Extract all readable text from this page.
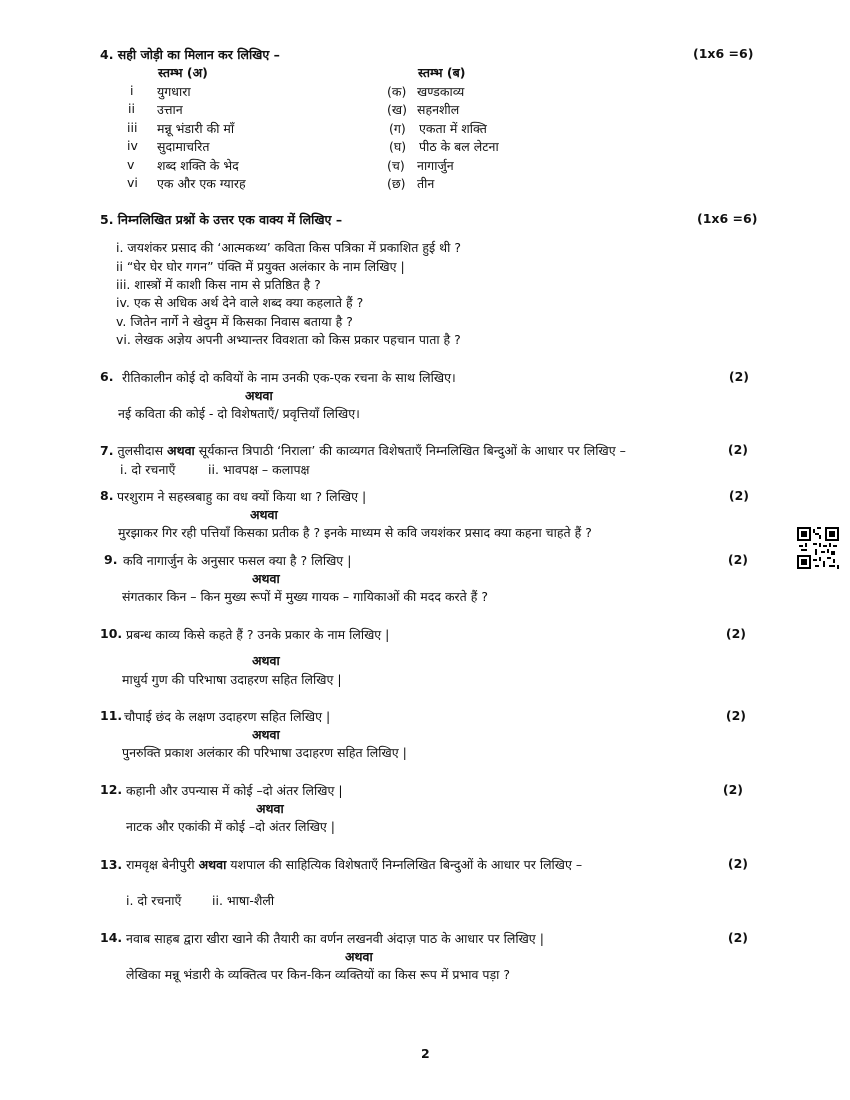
4. सही जोड़ी का मिलान कर लिखिए –	(1x6 =6)
स्तम्भ (अ)	स्तम्भ (ब)
i युगधारा	(क) खण्डकाव्य
ii उत्तान	(ख) सहनशील
iii मन्नू भंडारी की माँ	(ग) एकता में शक्ति
iv सुदामाचरित	(घ) पीठ के बल लेटना
v शब्द शक्ति के भेद	(च) नागार्जुन
vi एक और एक ग्यारह	(छ) तीन
5. निम्नलिखित प्रश्नों के उत्तर एक वाक्य में लिखिए –	(1x6 =6)
i. जयशंकर प्रसाद की ‘आत्मकथ्य’ कविता किस पत्रिका में प्रकाशित हुई थी ?
ii “घेर घेर घोर गगन” पंक्ति में प्रयुक्त अलंकार के नाम लिखिए |
iii. शास्त्रों में काशी किस नाम से प्रतिष्ठित है ?
iv. एक से अधिक अर्थ देने वाले शब्द क्या कहलाते हैं ?
v. जितेन नार्गे ने खेदुम में किसका निवास बताया है ?
vi. लेखक अज्ञेय अपनी अभ्यान्तर विवशता को किस प्रकार पहचान पाता है ?
6. रीतिकालीन कोई दो कवियों के नाम उनकी एक-एक रचना के साथ लिखिए।	(2)
अथवा
नई कविता की कोई - दो विशेषताएँ/ प्रवृत्तियाँ लिखिए।
7. तुलसीदास अथवा सूर्यकान्त त्रिपाठी ‘निराला’ की काव्यगत विशेषताएँ निम्नलिखित बिन्दुओं के आधार पर लिखिए –	(2)
i. दो रचनाएँ	ii. भावपक्ष – कलापक्ष
8. परशुराम ने सहस्त्रबाहु का वध क्यों किया था ? लिखिए |	(2)
अथवा
मुरझाकर गिर रही पत्तियाँ किसका प्रतीक है ? इनके माध्यम से कवि जयशंकर प्रसाद क्या कहना चाहते हैं ?
9. कवि नागार्जुन के अनुसार फसल क्या है ? लिखिए |	(2)
अथवा
संगतकार किन – किन मुख्य रूपों में मुख्य गायक – गायिकाओं की मदद करते हैं ?
10. प्रबन्ध काव्य किसे कहते हैं ? उनके प्रकार के नाम लिखिए |	(2)
अथवा
माधुर्य गुण की परिभाषा उदाहरण सहित लिखिए |
11. चौपाई छंद के लक्षण उदाहरण सहित लिखिए |	(2)
अथवा
पुनरुक्ति प्रकाश अलंकार की परिभाषा उदाहरण सहित लिखिए |
12. कहानी और उपन्यास में कोई –दो अंतर लिखिए |	(2)
अथवा
नाटक और एकांकी में कोई –दो अंतर लिखिए |
13. रामवृक्ष बेनीपुरी अथवा यशपाल की साहित्यिक विशेषताएँ निम्नलिखित बिन्दुओं के आधार पर लिखिए –	(2)
i. दो रचनाएँ ii. भाषा-शैली
14. नवाब साहब द्वारा खीरा खाने की तैयारी का वर्णन लखनवी अंदाज़ पाठ के आधार पर लिखिए |	(2)
अथवा
लेखिका मन्नू भंडारी के व्यक्तित्व पर किन-किन व्यक्तियों का किस रूप में प्रभाव पड़ा ?
2
